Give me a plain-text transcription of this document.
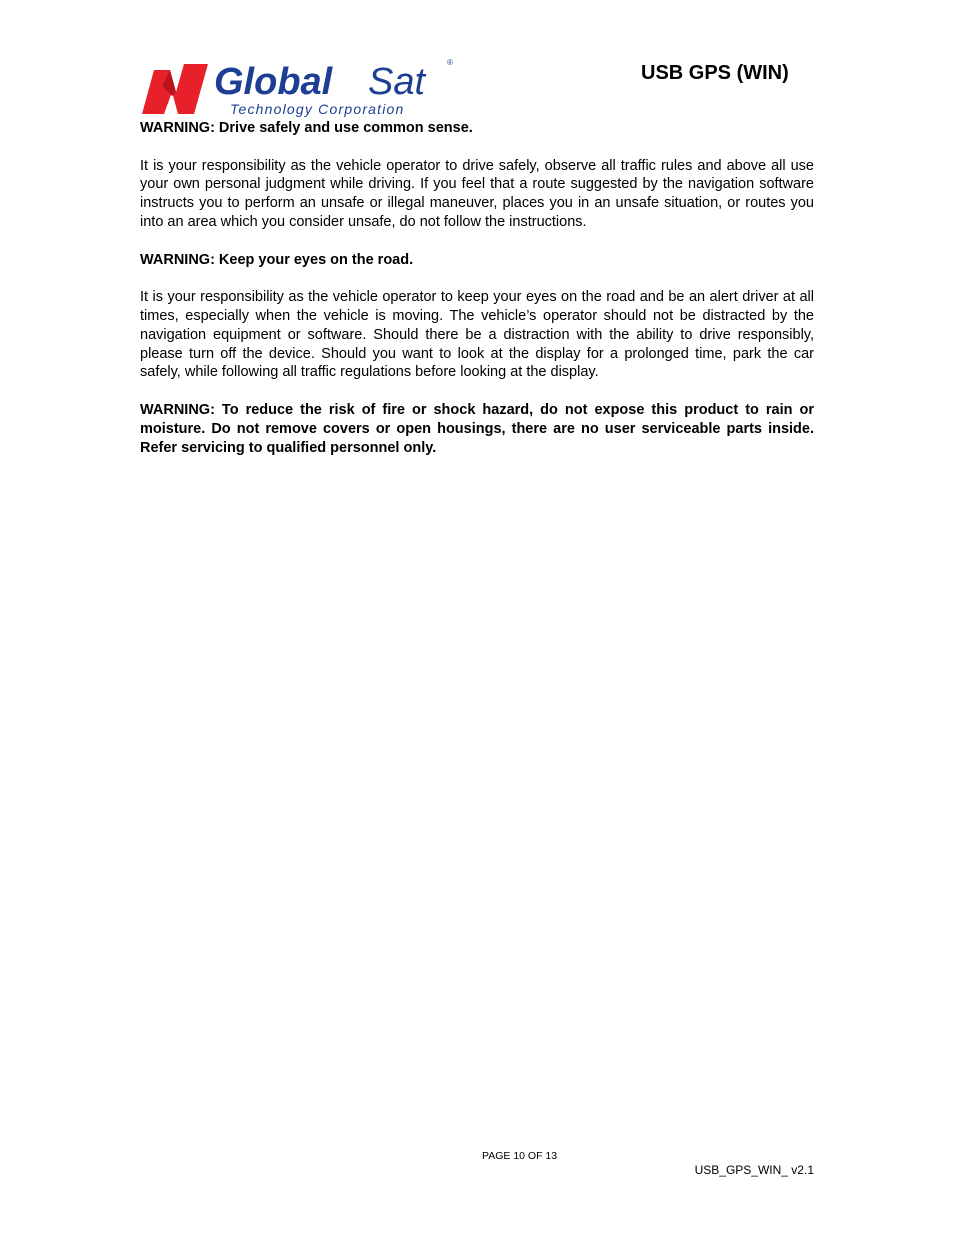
Global Sat	®
Technology Corporation
USB GPS (WIN)

WARNING: Drive safely and use common sense.

It is your responsibility as the vehicle operator to drive safely, observe all traffic rules and above all use your own personal judgment while driving. If you feel that a route suggested by the navigation software instructs you to perform an unsafe or illegal maneuver, places you in an unsafe situation, or routes you into an area which you consider unsafe, do not follow the instructions.

WARNING: Keep your eyes on the road.

It is your responsibility as the vehicle operator to keep your eyes on the road and be an alert driver at all times, especially when the vehicle is moving. The vehicle’s operator should not be distracted by the navigation equipment or software. Should there be a distraction with the ability to drive responsibly, please turn off the device. Should you want to look at the display for a prolonged time, park the car safely, while following all traffic regulations before looking at the display.

WARNING: To reduce the risk of fire or shock hazard, do not expose this product to rain or moisture. Do not remove covers or open housings, there are no user serviceable parts inside. Refer servicing to qualified personnel only.

PAGE 10 OF 13
USB_GPS_WIN_ v2.1
